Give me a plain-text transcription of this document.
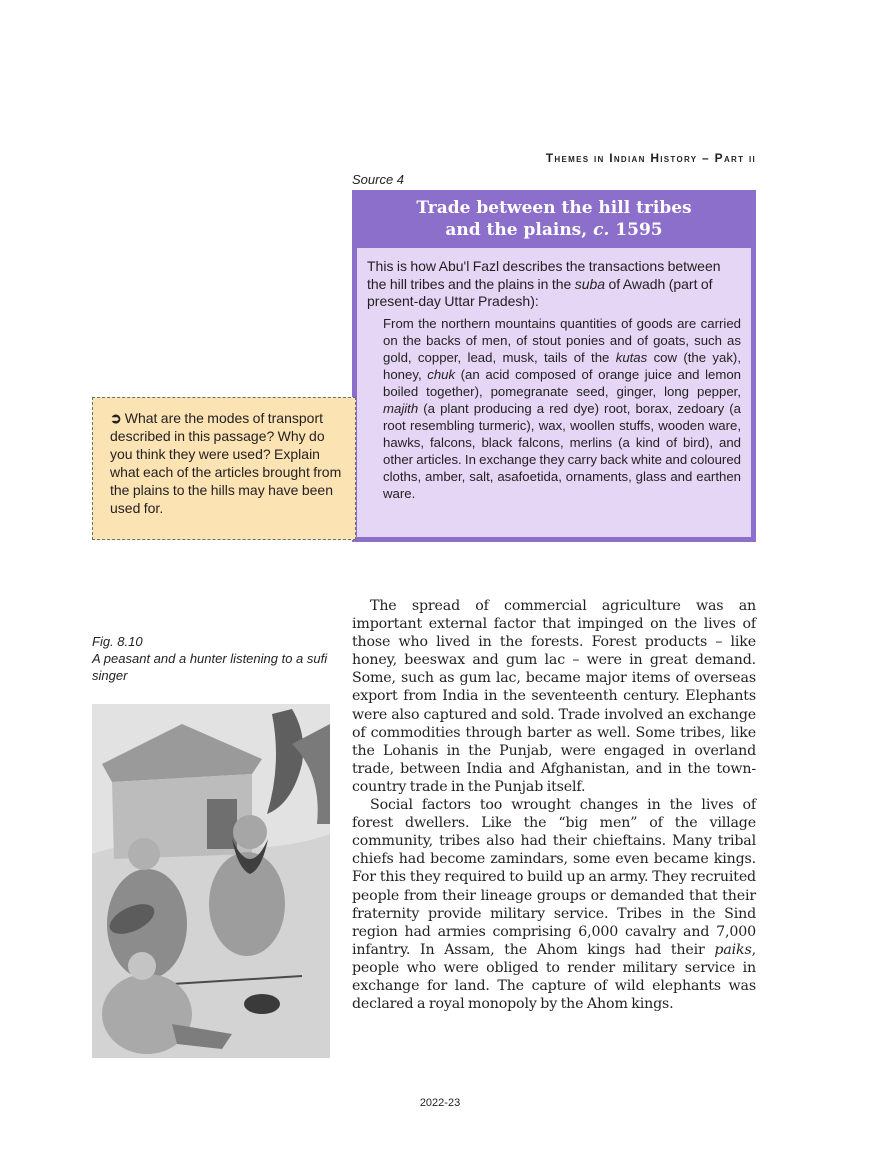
Themes in Indian History – Part ii
Source 4
Trade between the hill tribes
and the plains, c. 1595

This is how Abu'l Fazl describes the transactions between the hill tribes and the plains in the suba of Awadh (part of present-day Uttar Pradesh):

From the northern mountains quantities of goods are carried on the backs of men, of stout ponies and of goats, such as gold, copper, lead, musk, tails of the kutas cow (the yak), honey, chuk (an acid composed of orange juice and lemon boiled together), pomegranate seed, ginger, long pepper, majith (a plant producing a red dye) root, borax, zedoary (a root resembling turmeric), wax, woollen stuffs, wooden ware, hawks, falcons, black falcons, merlins (a kind of bird), and other articles. In exchange they carry back white and coloured cloths, amber, salt, asafoetida, ornaments, glass and earthen ware.

➲ What are the modes of transport described in this passage? Why do you think they were used? Explain what each of the articles brought from the plains to the hills may have been used for.
Fig. 8.10
A peasant and a hunter listening to a sufi singer

The spread of commercial agriculture was an important external factor that impinged on the lives of those who lived in the forests. Forest products – like honey, beeswax and gum lac – were in great demand. Some, such as gum lac, became major items of overseas export from India in the seventeenth century. Elephants were also captured and sold. Trade involved an exchange of commodities through barter as well. Some tribes, like the Lohanis in the Punjab, were engaged in overland trade, between India and Afghanistan, and in the town-country trade in the Punjab itself.

Social factors too wrought changes in the lives of forest dwellers. Like the “big men” of the village community, tribes also had their chieftains. Many tribal chiefs had become zamindars, some even became kings. For this they required to build up an army. They recruited people from their lineage groups or demanded that their fraternity provide military service. Tribes in the Sind region had armies comprising 6,000 cavalry and 7,000 infantry. In Assam, the Ahom kings had their paiks, people who were obliged to render military service in exchange for land. The capture of wild elephants was declared a royal monopoly by the Ahom kings.

2022-23
